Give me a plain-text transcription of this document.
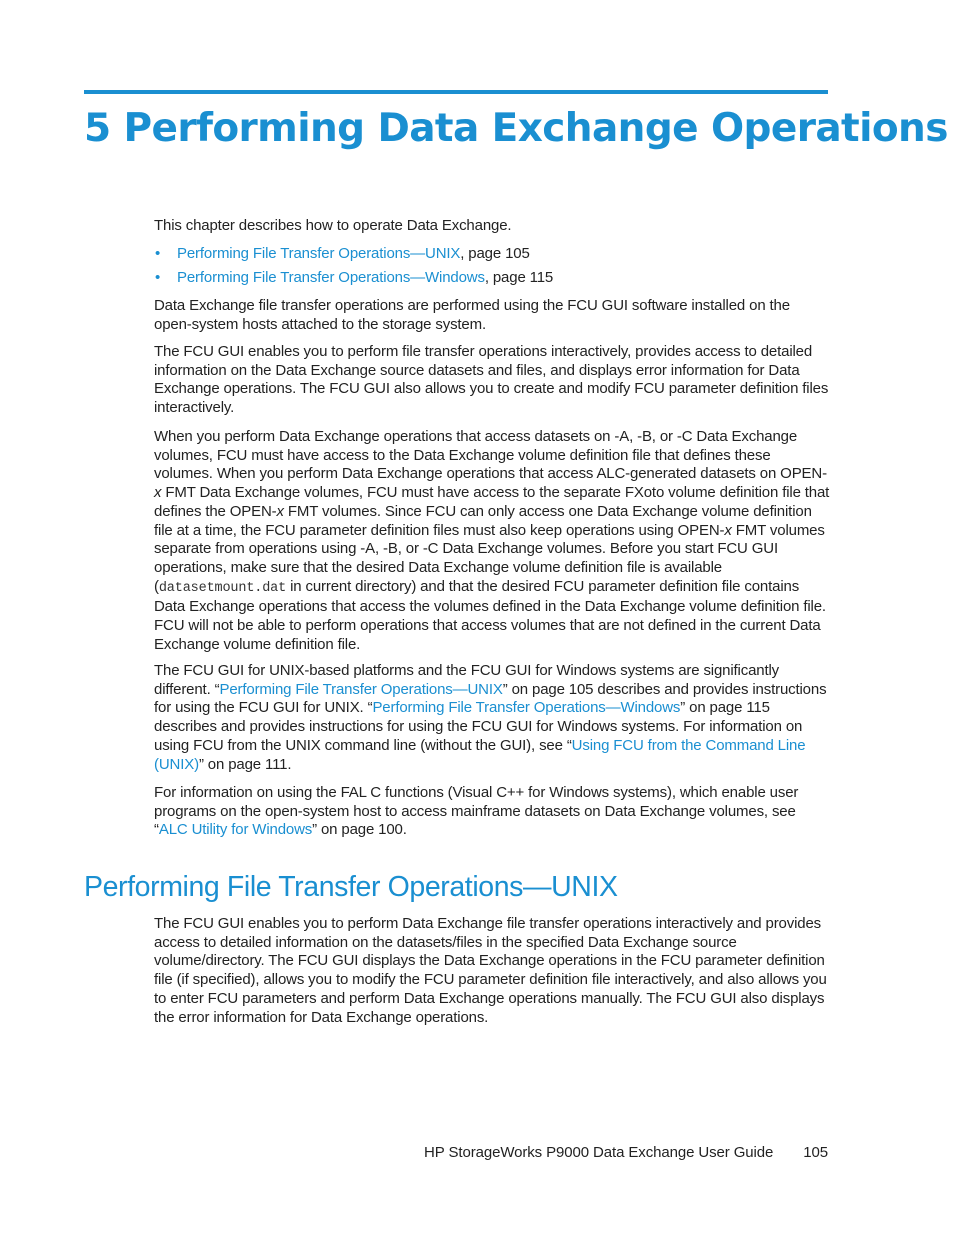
5 Performing Data Exchange Operations

This chapter describes how to operate Data Exchange.

• Performing File Transfer Operations—UNIX, page 105
• Performing File Transfer Operations—Windows, page 115

Data Exchange file transfer operations are performed using the FCU GUI software installed on the open-system hosts attached to the storage system.

The FCU GUI enables you to perform file transfer operations interactively, provides access to detailed information on the Data Exchange source datasets and files, and displays error information for Data Exchange operations. The FCU GUI also allows you to create and modify FCU parameter definition files interactively.

When you perform Data Exchange operations that access datasets on -A, -B, or -C Data Exchange volumes, FCU must have access to the Data Exchange volume definition file that defines these volumes. When you perform Data Exchange operations that access ALC-generated datasets on OPEN-x FMT Data Exchange volumes, FCU must have access to the separate FXoto volume definition file that defines the OPEN-x FMT volumes. Since FCU can only access one Data Exchange volume definition file at a time, the FCU parameter definition files must also keep operations using OPEN-x FMT volumes separate from operations using -A, -B, or -C Data Exchange volumes. Before you start FCU GUI operations, make sure that the desired Data Exchange volume definition file is available (datasetmount.dat in current directory) and that the desired FCU parameter definition file contains Data Exchange operations that access the volumes defined in the Data Exchange volume definition file. FCU will not be able to perform operations that access volumes that are not defined in the current Data Exchange volume definition file.

The FCU GUI for UNIX-based platforms and the FCU GUI for Windows systems are significantly different. “Performing File Transfer Operations—UNIX” on page 105 describes and provides instructions for using the FCU GUI for UNIX. “Performing File Transfer Operations—Windows” on page 115 describes and provides instructions for using the FCU GUI for Windows systems. For information on using FCU from the UNIX command line (without the GUI), see “Using FCU from the Command Line (UNIX)” on page 111.

For information on using the FAL C functions (Visual C++ for Windows systems), which enable user programs on the open-system host to access mainframe datasets on Data Exchange volumes, see “ALC Utility for Windows” on page 100.

Performing File Transfer Operations—UNIX

The FCU GUI enables you to perform Data Exchange file transfer operations interactively and provides access to detailed information on the datasets/files in the specified Data Exchange source volume/directory. The FCU GUI displays the Data Exchange operations in the FCU parameter definition file (if specified), allows you to modify the FCU parameter definition file interactively, and also allows you to enter FCU parameters and perform Data Exchange operations manually. The FCU GUI also displays the error information for Data Exchange operations.

HP StorageWorks P9000 Data Exchange User Guide 105
